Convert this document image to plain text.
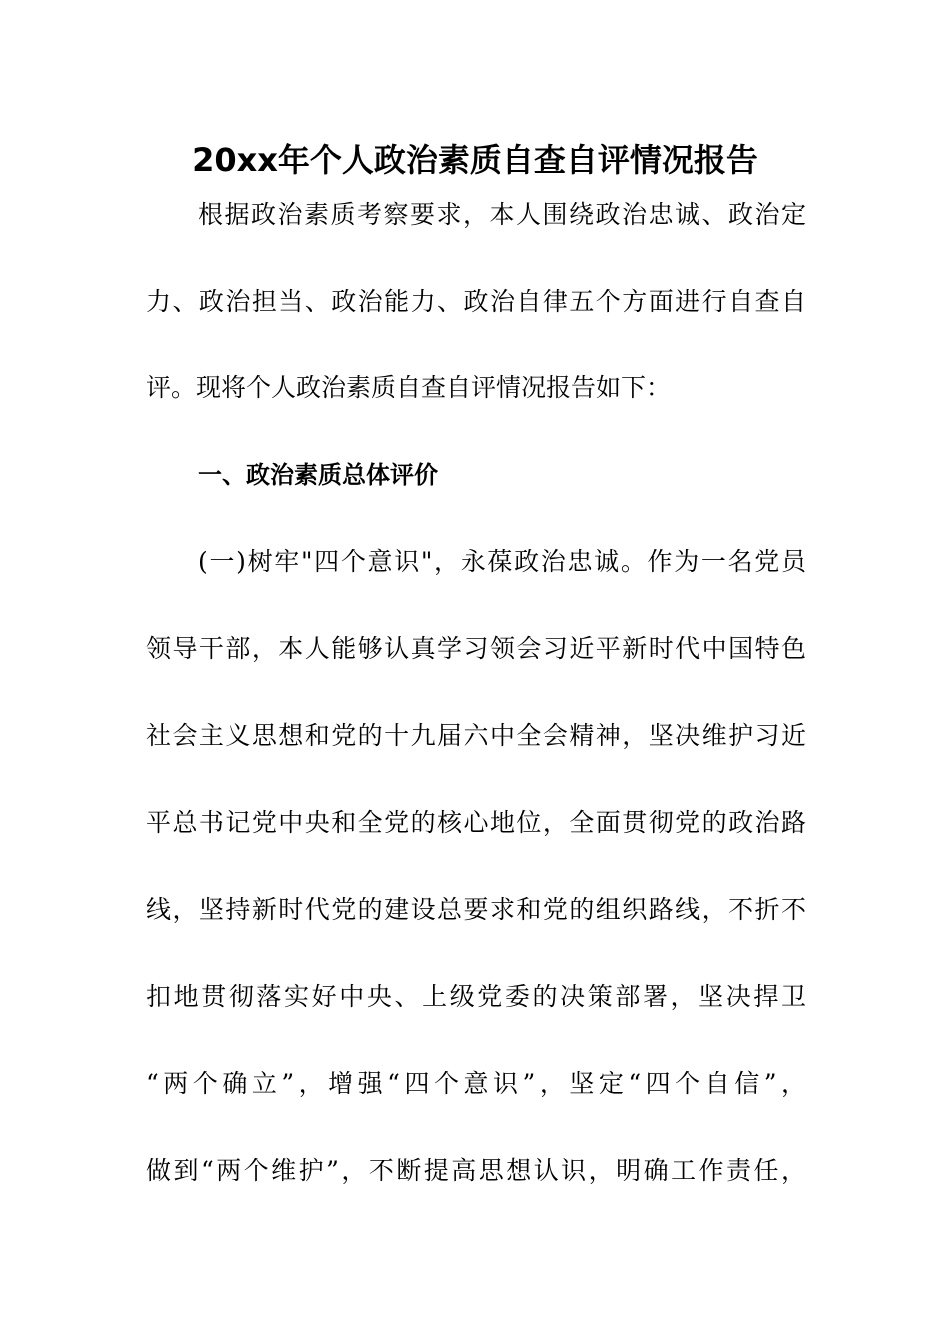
20xx年个人政治素质自查自评情况报告
根据政治素质考察要求，本人围绕政治忠诚、政治定
力、政治担当、政治能力、政治自律五个方面进行自查自
评。现将个人政治素质自查自评情况报告如下：
一、政治素质总体评价
(一)树牢"四个意识"，永葆政治忠诚。作为一名党员
领导干部，本人能够认真学习领会习近平新时代中国特色
社会主义思想和党的十九届六中全会精神，坚决维护习近
平总书记党中央和全党的核心地位，全面贯彻党的政治路
线，坚持新时代党的建设总要求和党的组织路线，不折不
扣地贯彻落实好中央、上级党委的决策部署，坚决捍卫
“两个确立”，增强“四个意识”，坚定“四个自信”，
做到“两个维护”，不断提高思想认识，明确工作责任，
